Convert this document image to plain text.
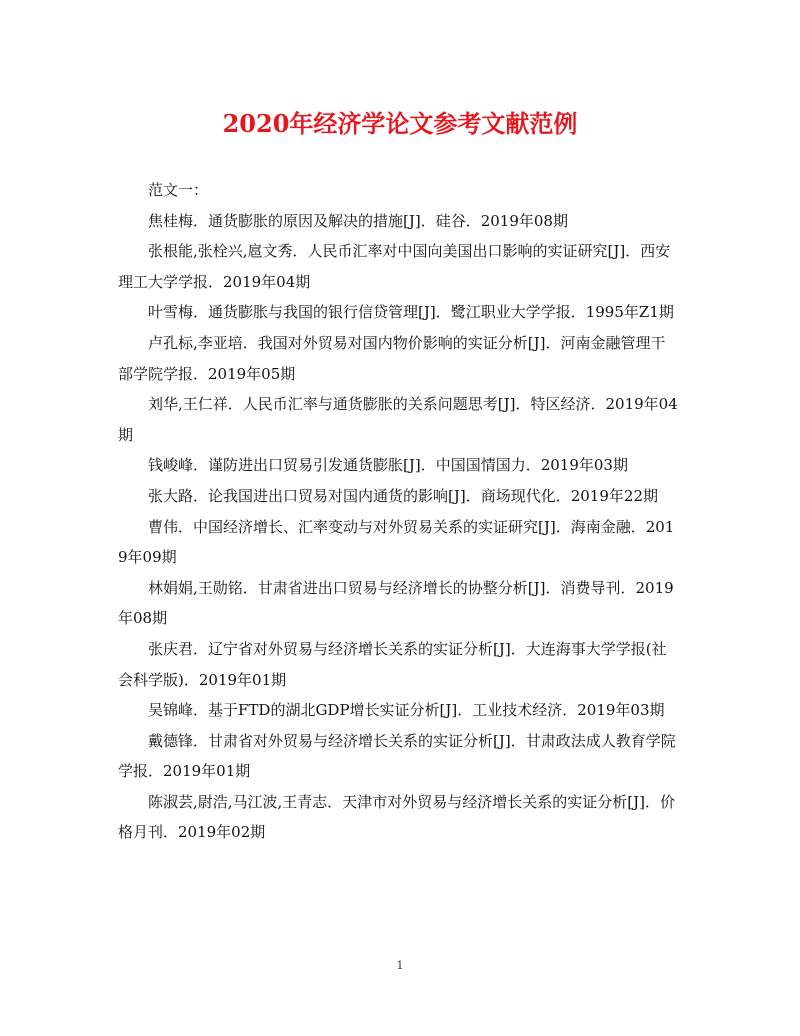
2020年经济学论文参考文献范例

范文一：

焦桂梅．通货膨胀的原因及解决的措施[J]．硅谷．2019年08期

张根能,张栓兴,扈文秀．人民币汇率对中国向美国出口影响的实证研究[J]．西安理工大学学报．2019年04期

叶雪梅．通货膨胀与我国的银行信贷管理[J]．鹭江职业大学学报．1995年Z1期

卢孔标,李亚培．我国对外贸易对国内物价影响的实证分析[J]．河南金融管理干部学院学报．2019年05期

刘华,王仁祥．人民币汇率与通货膨胀的关系问题思考[J]．特区经济．2019年04期

钱峻峰．谨防进出口贸易引发通货膨胀[J]．中国国情国力．2019年03期

张大路．论我国进出口贸易对国内通货的影响[J]．商场现代化．2019年22期

曹伟．中国经济增长、汇率变动与对外贸易关系的实证研究[J]．海南金融．2019年09期

林娟娟,王勋铭．甘肃省进出口贸易与经济增长的协整分析[J]．消费导刊．2019年08期

张庆君．辽宁省对外贸易与经济增长关系的实证分析[J]．大连海事大学学报(社会科学版)．2019年01期

吴锦峰．基于FTD的湖北GDP增长实证分析[J]．工业技术经济．2019年03期

戴德锋．甘肃省对外贸易与经济增长关系的实证分析[J]．甘肃政法成人教育学院学报．2019年01期

陈淑芸,尉浩,马江波,王青志．天津市对外贸易与经济增长关系的实证分析[J]．价格月刊．2019年02期

1
